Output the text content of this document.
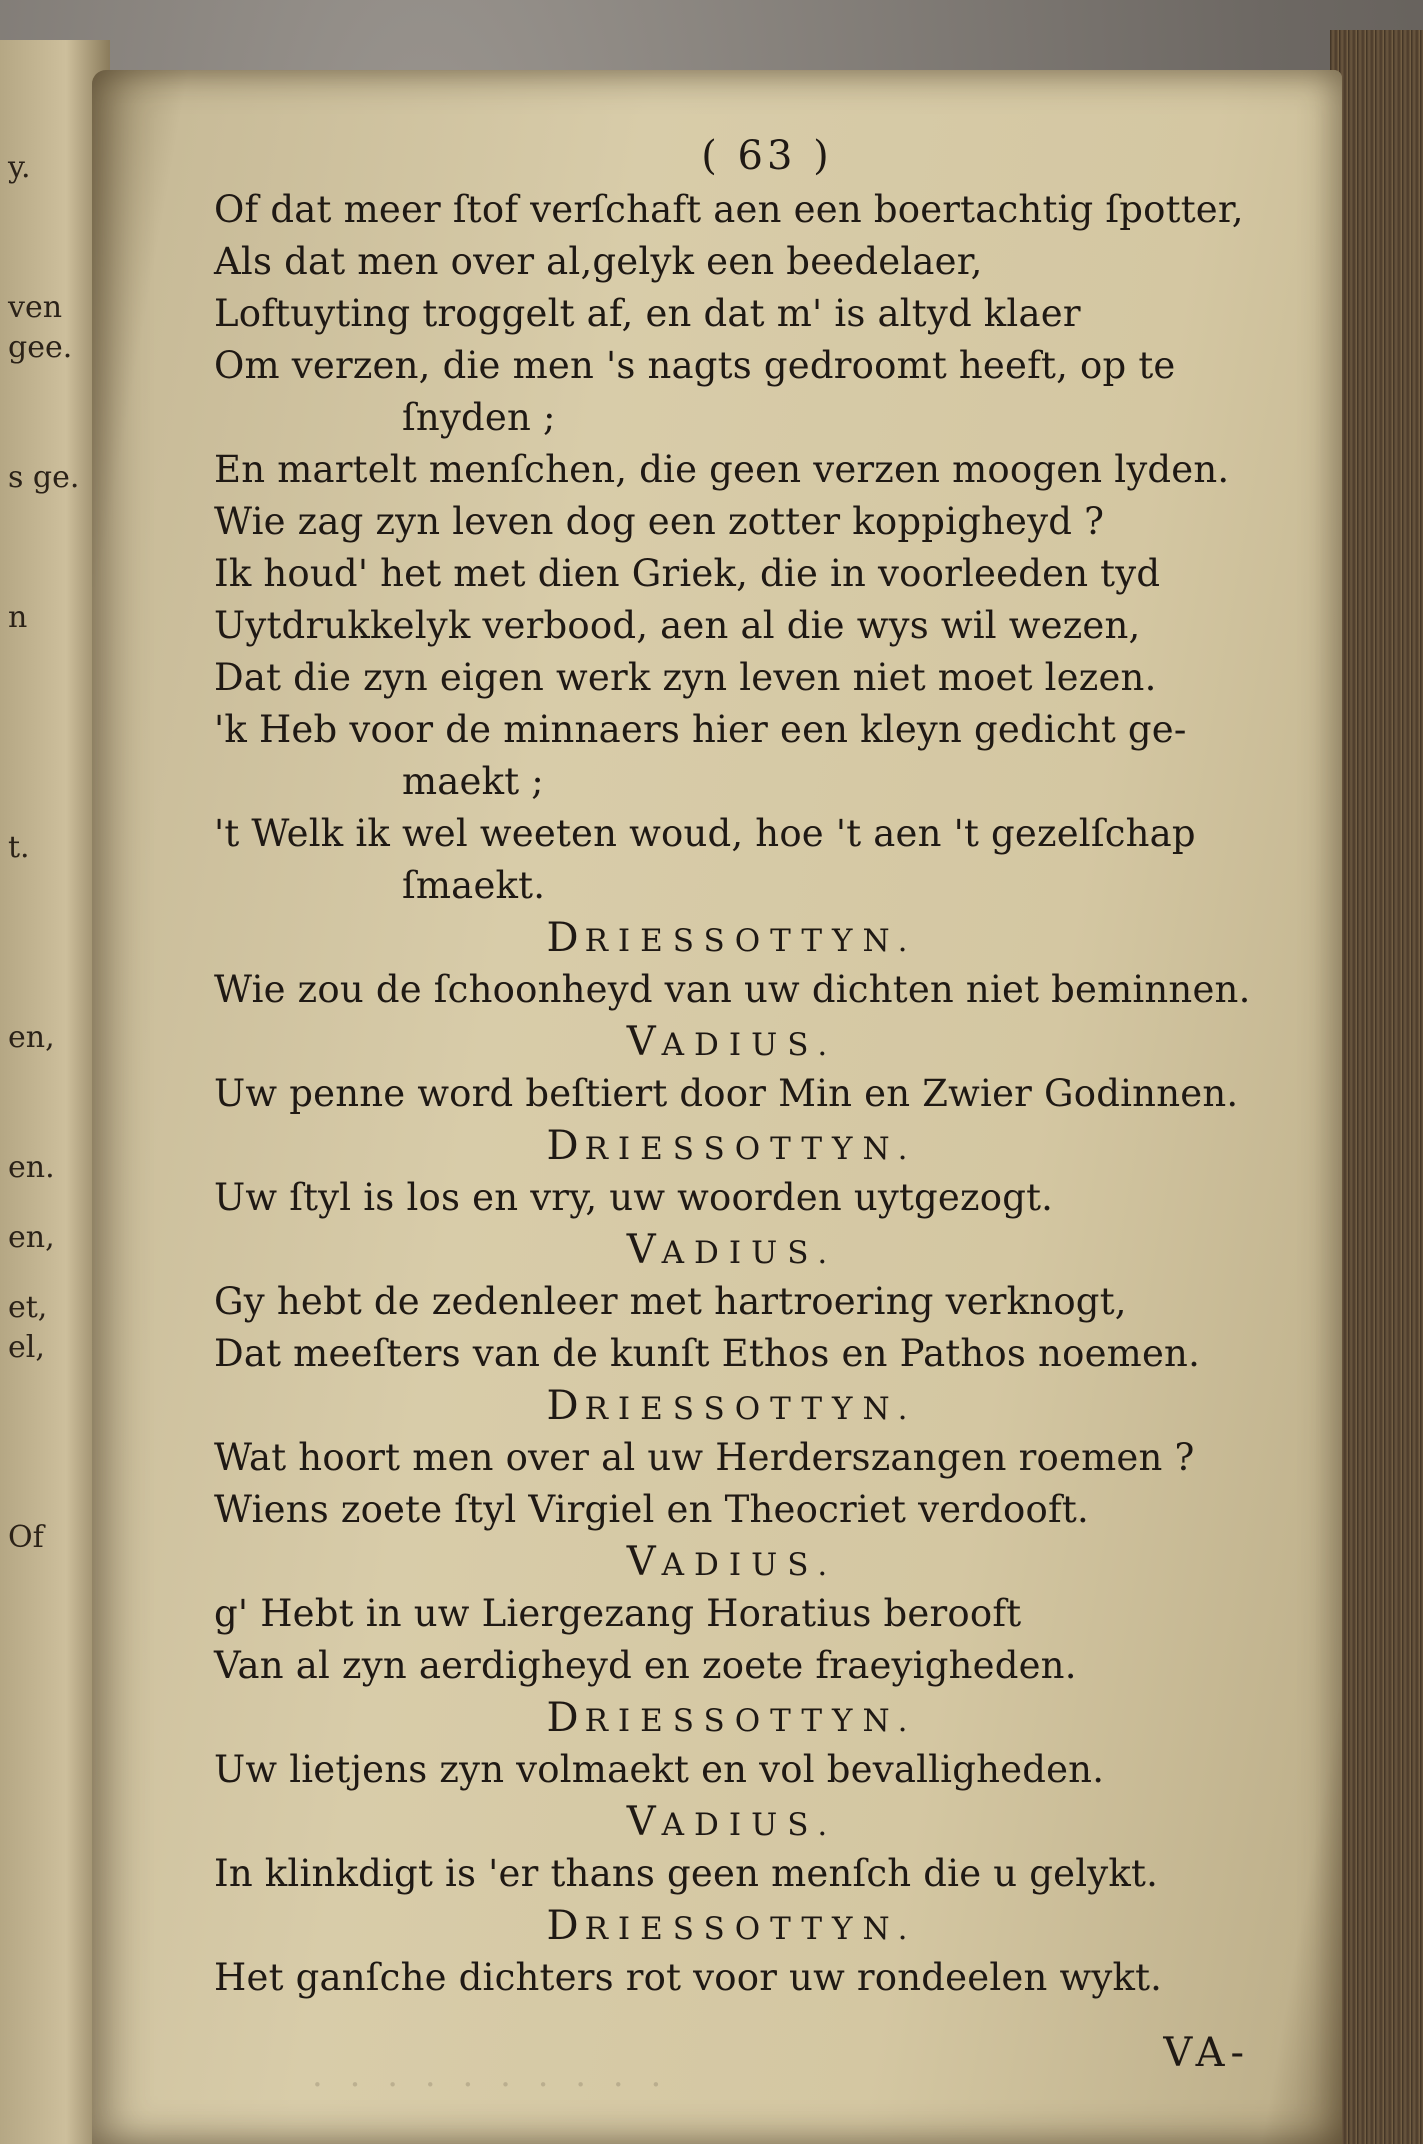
y.
ven
gee.
s ge.
n
t.
en,
en.
en,
et,
el,
Of
( 63 )
Of dat meer ſtof verſchaft aen een boertachtig ſpotter,
Als dat men over al,gelyk een beedelaer,
Loftuyting troggelt af, en dat m' is altyd klaer
Om verzen, die men 's nagts gedroomt heeft, op te
ſnyden ;
En martelt menſchen, die geen verzen moogen lyden.
Wie zag zyn leven dog een zotter koppigheyd ?
Ik houd' het met dien Griek, die in voorleeden tyd
Uytdrukkelyk verbood, aen al die wys wil wezen,
Dat die zyn eigen werk zyn leven niet moet lezen.
'k Heb voor de minnaers hier een kleyn gedicht ge-
maekt ;
't Welk ik wel weeten woud, hoe 't aen 't gezelſchap
ſmaekt.
DRIESSOTTYN.
Wie zou de ſchoonheyd van uw dichten niet beminnen.
VADIUS.
Uw penne word beſtiert door Min en Zwier Godinnen.
DRIESSOTTYN.
Uw ſtyl is los en vry, uw woorden uytgezogt.
VADIUS.
Gy hebt de zedenleer met hartroering verknogt,
Dat meeſters van de kunſt Ethos en Pathos noemen.
DRIESSOTTYN.
Wat hoort men over al uw Herderszangen roemen ?
Wiens zoete ſtyl Virgiel en Theocriet verdooft.
VADIUS.
g' Hebt in uw Liergezang Horatius berooft
Van al zyn aerdigheyd en zoete fraeyigheden.
DRIESSOTTYN.
Uw lietjens zyn volmaekt en vol bevalligheden.
VADIUS.
In klinkdigt is 'er thans geen menſch die u gelykt.
DRIESSOTTYN.
Het ganſche dichters rot voor uw rondeelen wykt.
· · · · · · · · · ·
VA-
